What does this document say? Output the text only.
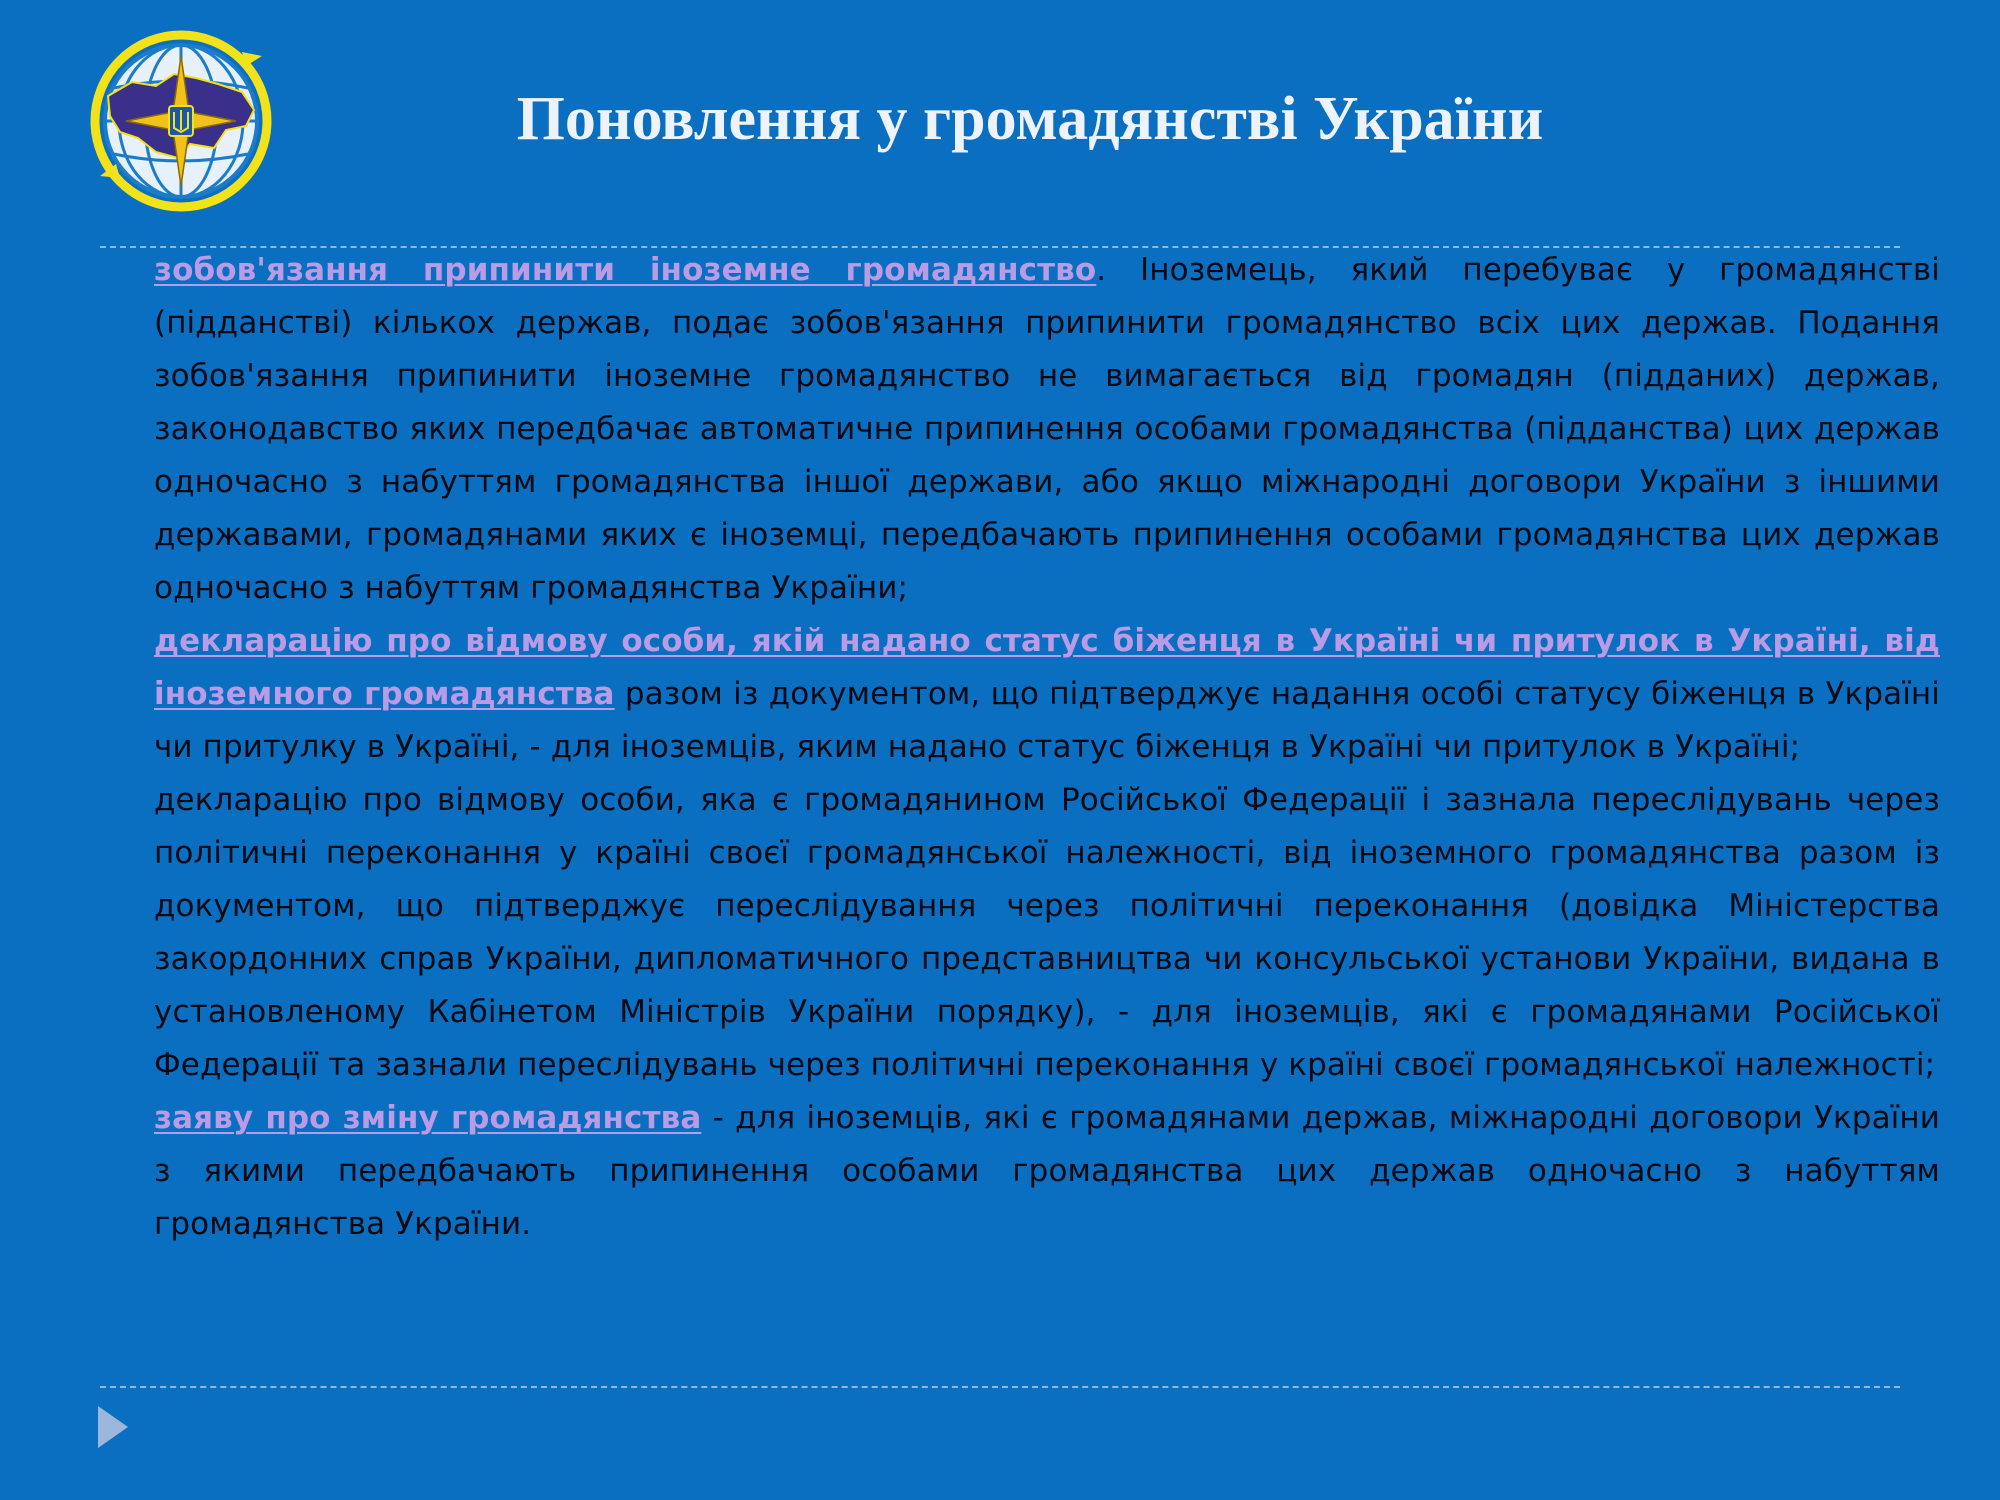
Поновлення у громадянстві України

зобов'язання припинити іноземне громадянство. Іноземець, який перебуває у громадянстві (підданстві) кількох держав, подає зобов'язання припинити громадянство всіх цих держав. Подання зобов'язання припинити іноземне громадянство не вимагається від громадян (підданих) держав, законодавство яких передбачає автоматичне припинення особами громадянства (підданства) цих держав одночасно з набуттям громадянства іншої держави, або якщо міжнародні договори України з іншими державами, громадянами яких є іноземці, передбачають припинення особами громадянства цих держав одночасно з набуттям громадянства України;

декларацію про відмову особи, якій надано статус біженця в Україні чи притулок в Україні, від іноземного громадянства разом із документом, що підтверджує надання особі статусу біженця в Україні чи притулку в Україні, - для іноземців, яким надано статус біженця в Україні чи притулок в Україні;

декларацію про відмову особи, яка є громадянином Російської Федерації і зазнала переслідувань через політичні переконання у країні своєї громадянської належності, від іноземного громадянства разом із документом, що підтверджує переслідування через політичні переконання (довідка Міністерства закордонних справ України, дипломатичного представництва чи консульської установи України, видана в установленому Кабінетом Міністрів України порядку), - для іноземців, які є громадянами Російської Федерації та зазнали переслідувань через політичні переконання у країні своєї громадянської належності;

заяву про зміну громадянства - для іноземців, які є громадянами держав, міжнародні договори України з якими передбачають припинення особами громадянства цих держав одночасно з набуттям громадянства України.
